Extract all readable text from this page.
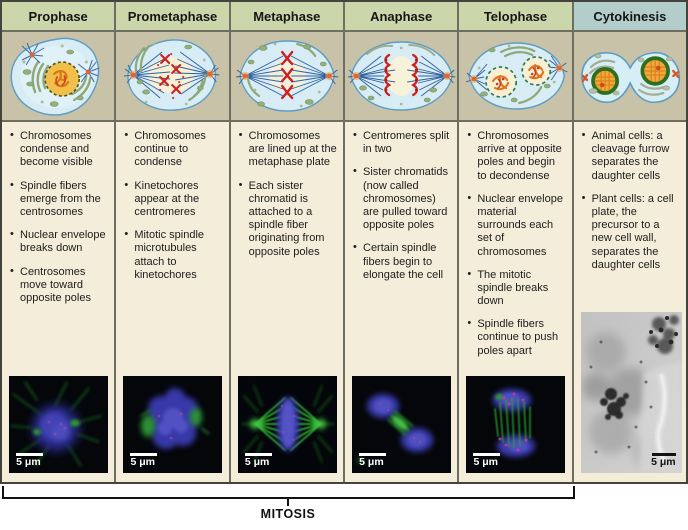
Prophase	Prometaphase	Metaphase	Anaphase	Telophase	Cytokinesis
• Chromosomes condense and become visible
• Spindle fibers emerge from the centrosomes
• Nuclear envelope breaks down
• Centrosomes move toward opposite poles
5 μm
• Chromosomes continue to condense
• Kinetochores appear at the centromeres
• Mitotic spindle microtubules attach to kinetochores
5 μm
• Chromosomes are lined up at the metaphase plate
• Each sister chromatid is attached to a spindle fiber originating from opposite poles
5 μm
• Centromeres split in two
• Sister chromatids (now called chromosomes) are pulled toward opposite poles
• Certain spindle fibers begin to elongate the cell
5 μm
• Chromosomes arrive at opposite poles and begin to decondense
• Nuclear envelope material surrounds each set of chromosomes
• The mitotic spindle breaks down
• Spindle fibers continue to push poles apart
5 μm
• Animal cells: a cleavage furrow separates the daughter cells
• Plant cells: a cell plate, the precursor to a new cell wall, separates the daughter cells
5 μm
MITOSIS
